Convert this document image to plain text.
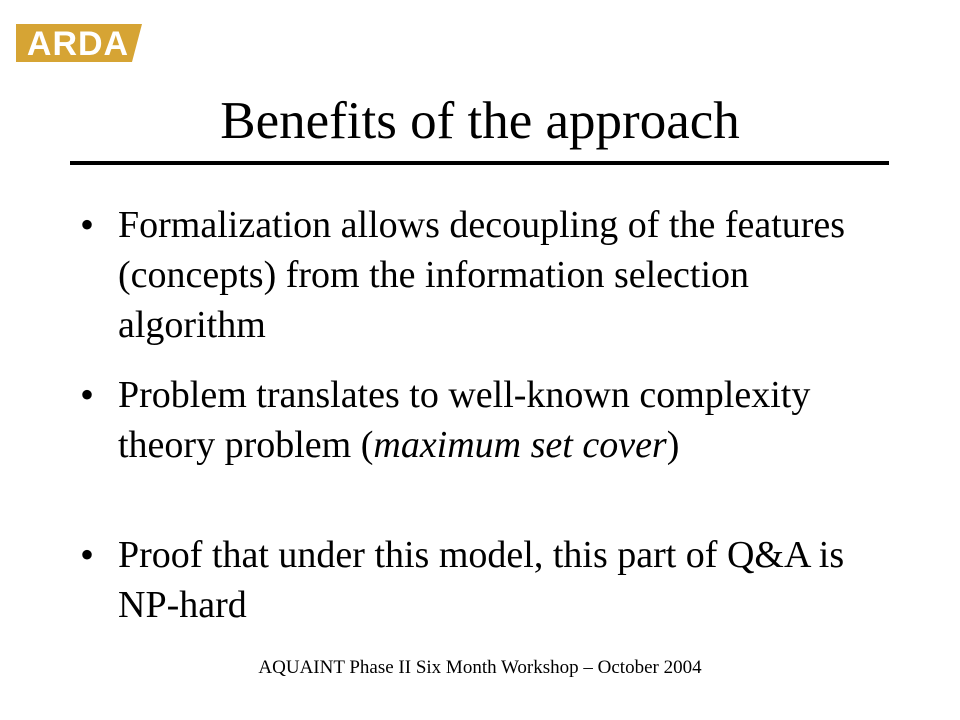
ARDA
Benefits of the approach
• Formalization allows decoupling of the features (concepts) from the information selection algorithm
• Problem translates to well-known complexity theory problem (maximum set cover)
• Proof that under this model, this part of Q&A is NP-hard
AQUAINT Phase II Six Month Workshop – October 2004
